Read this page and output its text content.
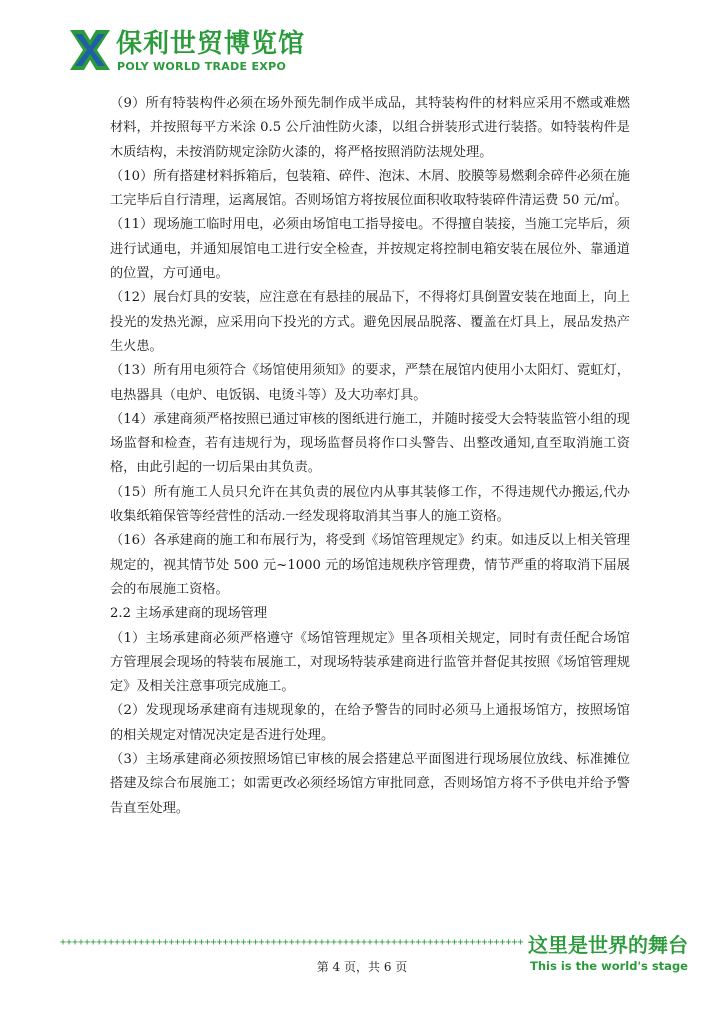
保利世贸博览馆
POLY WORLD TRADE EXPO

（9）所有特装构件必须在场外预先制作成半成品，其特装构件的材料应采用不燃或难燃材料，并按照每平方米涂 0.5 公斤油性防火漆，以组合拼装形式进行装搭。如特装构件是木质结构，未按消防规定涂防火漆的，将严格按照消防法规处理。

（10）所有搭建材料拆箱后，包装箱、碎件、泡沫、木屑、胶膜等易燃剩余碎件必须在施工完毕后自行清理，运离展馆。否则场馆方将按展位面积收取特装碎件清运费 50 元/㎡。

（11）现场施工临时用电，必须由场馆电工指导接电。不得擅自装接，当施工完毕后，须进行试通电，并通知展馆电工进行安全检查，并按规定将控制电箱安装在展位外、靠通道的位置，方可通电。

（12）展台灯具的安装，应注意在有悬挂的展品下，不得将灯具倒置安装在地面上，向上投光的发热光源，应采用向下投光的方式。避免因展品脱落、覆盖在灯具上，展品发热产生火患。

（13）所有用电须符合《场馆使用须知》的要求，严禁在展馆内使用小太阳灯、霓虹灯，电热器具（电炉、电饭锅、电烫斗等）及大功率灯具。

（14）承建商须严格按照已通过审核的图纸进行施工，并随时接受大会特装监管小组的现场监督和检查，若有违规行为，现场监督员将作口头警告、出整改通知,直至取消施工资格，由此引起的一切后果由其负责。

（15）所有施工人员只允许在其负责的展位内从事其装修工作，不得违规代办搬运,代办收集纸箱保管等经营性的活动.一经发现将取消其当事人的施工资格。

（16）各承建商的施工和布展行为，将受到《场馆管理规定》约束。如违反以上相关管理规定的，视其情节处 500 元~1000 元的场馆违规秩序管理费，情节严重的将取消下届展会的布展施工资格。

2.2 主场承建商的现场管理

（1）主场承建商必须严格遵守《场馆管理规定》里各项相关规定，同时有责任配合场馆方管理展会现场的特装布展施工，对现场特装承建商进行监管并督促其按照《场馆管理规定》及相关注意事项完成施工。

（2）发现现场承建商有违规现象的，在给予警告的同时必须马上通报场馆方，按照场馆的相关规定对情况决定是否进行处理。

（3）主场承建商必须按照场馆已审核的展会搭建总平面图进行现场展位放线、标准摊位搭建及综合布展施工；如需更改必须经场馆方审批同意，否则场馆方将不予供电并给予警告直至处理。

+++++++++++++++++++++++++++++++++++++++++++++++++++++++++++++++++++++++++++++ 这里是世界的舞台
This is the world's stage
第 4 页，共 6 页
